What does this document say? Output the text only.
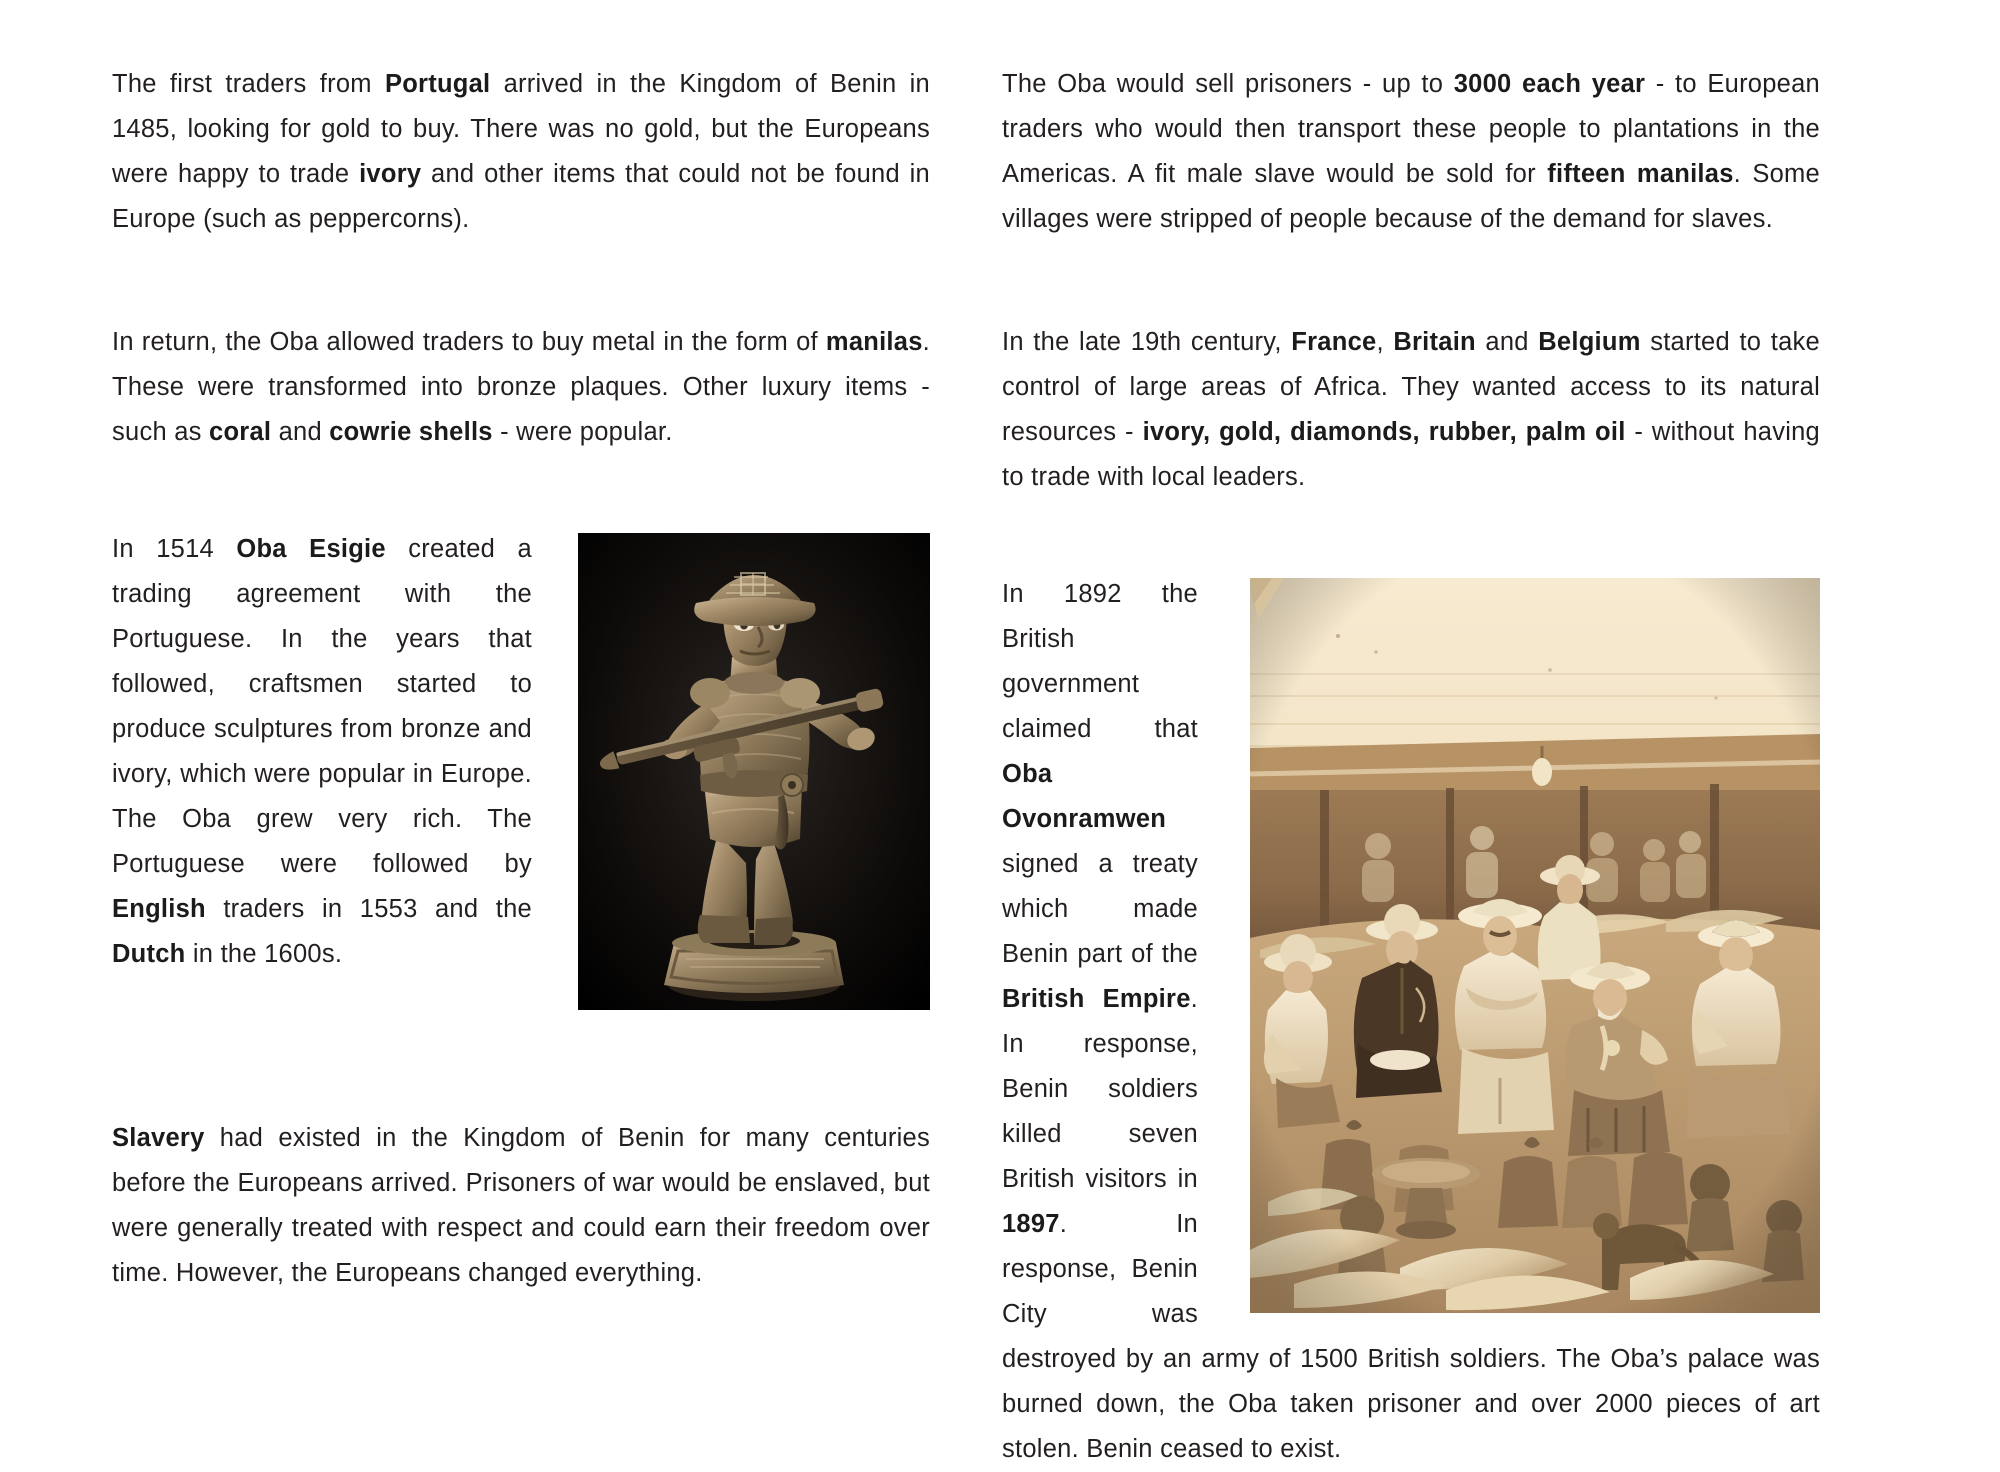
The first traders from Portugal arrived in the Kingdom of Benin in 1485, looking for gold to buy. There was no gold, but the Europeans were happy to trade ivory and other items that could not be found in Europe (such as peppercorns).

In return, the Oba allowed traders to buy metal in the form of manilas. These were transformed into bronze plaques. Other luxury items - such as coral and cowrie shells - were popular.

In 1514 Oba Esigie created a trading agreement with the Portuguese. In the years that followed, craftsmen started to produce sculptures from bronze and ivory, which were popular in Europe. The Oba grew very rich. The Portuguese were followed by English traders in 1553 and the Dutch in the 1600s.

Slavery had existed in the Kingdom of Benin for many centuries before the Europeans arrived. Prisoners of war would be enslaved, but were generally treated with respect and could earn their freedom over time. However, the Europeans changed everything.

The Oba would sell prisoners - up to 3000 each year - to European traders who would then transport these people to plantations in the Americas. A fit male slave would be sold for fifteen manilas. Some villages were stripped of people because of the demand for slaves.

In the late 19th century, France, Britain and Belgium started to take control of large areas of Africa. They wanted access to its natural resources - ivory, gold, diamonds, rubber, palm oil - without having to trade with local leaders.

In 1892 the British government claimed that Oba Ovonramwen signed a treaty which made Benin part of the British Empire. In response, Benin soldiers killed seven British visitors in 1897. In response, Benin City was destroyed by an army of 1500 British soldiers. The Oba’s palace was burned down, the Oba taken prisoner and over 2000 pieces of art stolen. Benin ceased to exist.
